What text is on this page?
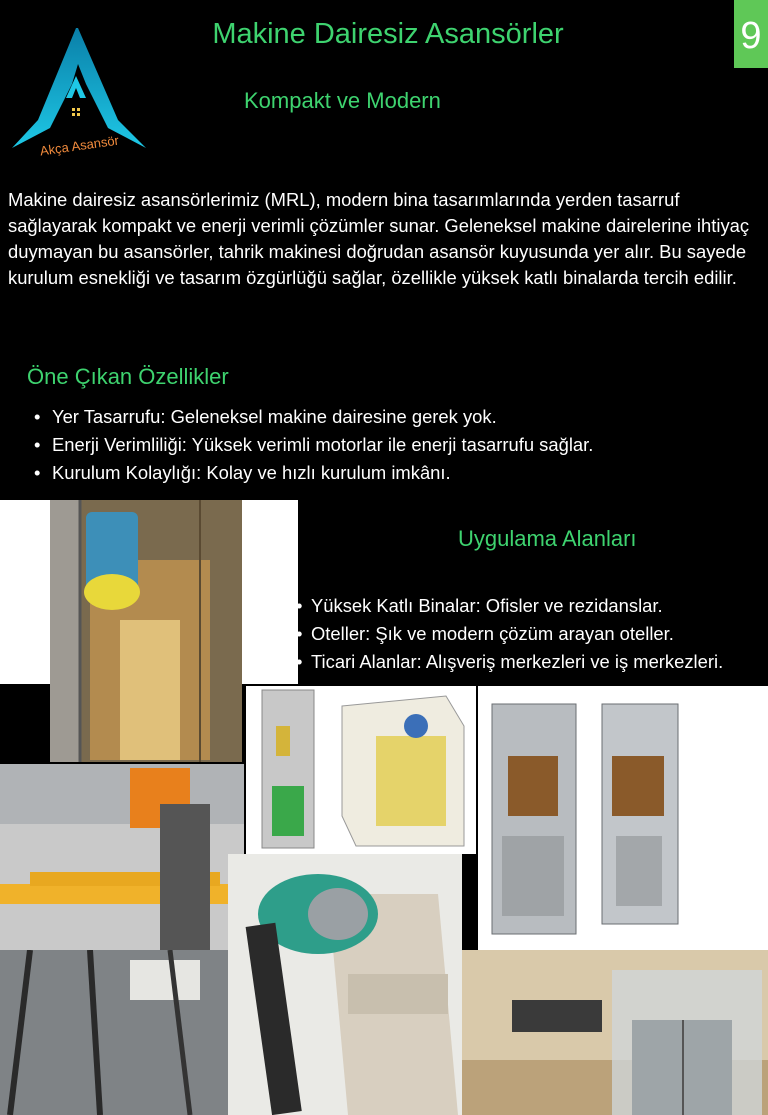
Akça Asansör
Makine Dairesiz Asansörler	9
Kompakt ve Modern

Makine dairesiz asansörlerimiz (MRL), modern bina tasarımlarında yerden tasarruf sağlayarak kompakt ve enerji verimli çözümler sunar. Geleneksel makine dairelerine ihtiyaç duymayan bu asansörler, tahrik makinesi doğrudan asansör kuyusunda yer alır. Bu sayede kurulum esnekliği ve tasarım özgürlüğü sağlar, özellikle yüksek katlı binalarda tercih edilir.

Öne Çıkan Özellikler
• Yer Tasarrufu: Geleneksel makine dairesine gerek yok.
• Enerji Verimliliği: Yüksek verimli motorlar ile enerji tasarrufu sağlar.
• Kurulum Kolaylığı: Kolay ve hızlı kurulum imkânı.
Uygulama Alanları
• Yüksek Katlı Binalar: Ofisler ve rezidanslar.
• Oteller: Şık ve modern çözüm arayan oteller.
• Ticari Alanlar: Alışveriş merkezleri ve iş merkezleri.
